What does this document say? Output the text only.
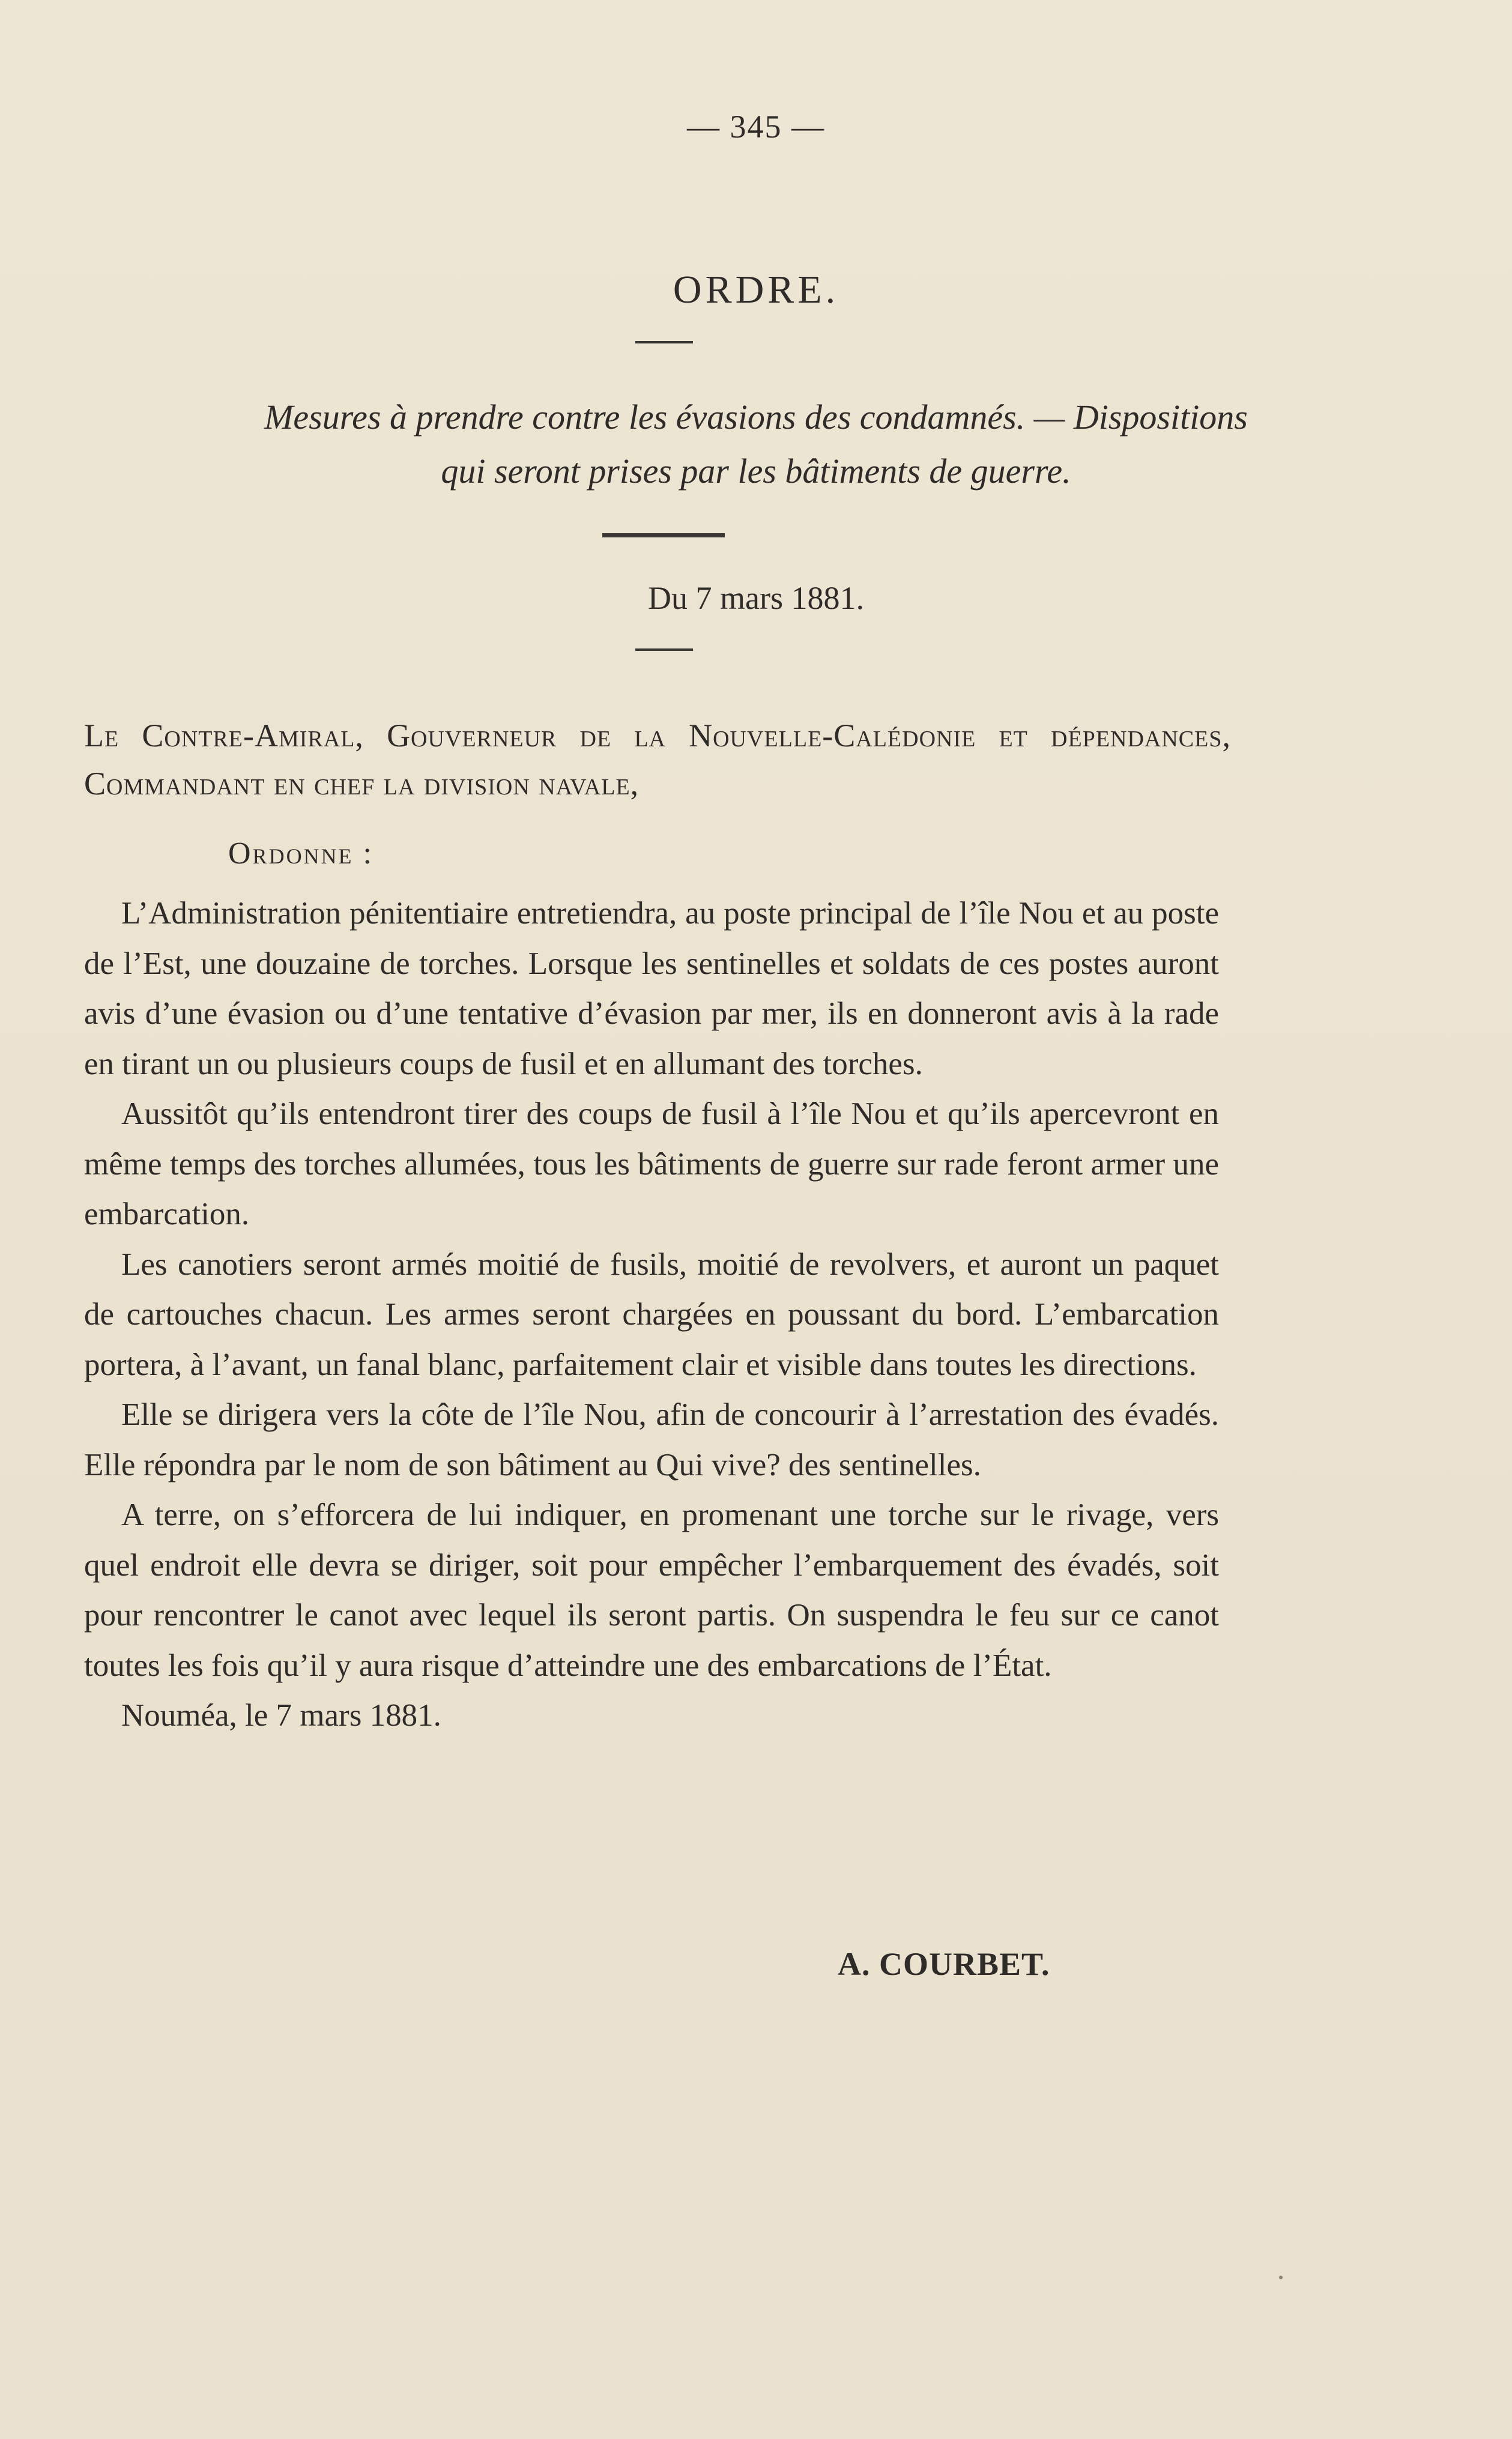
— 345 —
ORDRE.
Mesures à prendre contre les évasions des condamnés. — Dispositions
qui seront prises par les bâtiments de guerre.
Du 7 mars 1881.
Le Contre-Amiral, Gouverneur de la Nouvelle-Calédonie et dépendances, Commandant en chef la division navale,
Ordonne :

L’Administration pénitentiaire entretiendra, au poste principal de l’île Nou et au poste de l’Est, une douzaine de torches. Lorsque les sentinelles et soldats de ces postes auront avis d’une évasion ou d’une tentative d’évasion par mer, ils en donneront avis à la rade en tirant un ou plusieurs coups de fusil et en allumant des torches.

Aussitôt qu’ils entendront tirer des coups de fusil à l’île Nou et qu’ils apercevront en même temps des torches allumées, tous les bâtiments de guerre sur rade feront armer une embarcation.

Les canotiers seront armés moitié de fusils, moitié de revolvers, et auront un paquet de cartouches chacun. Les armes seront chargées en poussant du bord. L’embarcation portera, à l’avant, un fanal blanc, parfaitement clair et visible dans toutes les directions.

Elle se dirigera vers la côte de l’île Nou, afin de concourir à l’arrestation des évadés. Elle répondra par le nom de son bâtiment au Qui vive? des sentinelles.

A terre, on s’efforcera de lui indiquer, en promenant une torche sur le rivage, vers quel endroit elle devra se diriger, soit pour empêcher l’embarquement des évadés, soit pour rencontrer le canot avec lequel ils seront partis. On suspendra le feu sur ce canot toutes les fois qu’il y aura risque d’atteindre une des embarcations de l’État.

Nouméa, le 7 mars 1881.

A. COURBET.
